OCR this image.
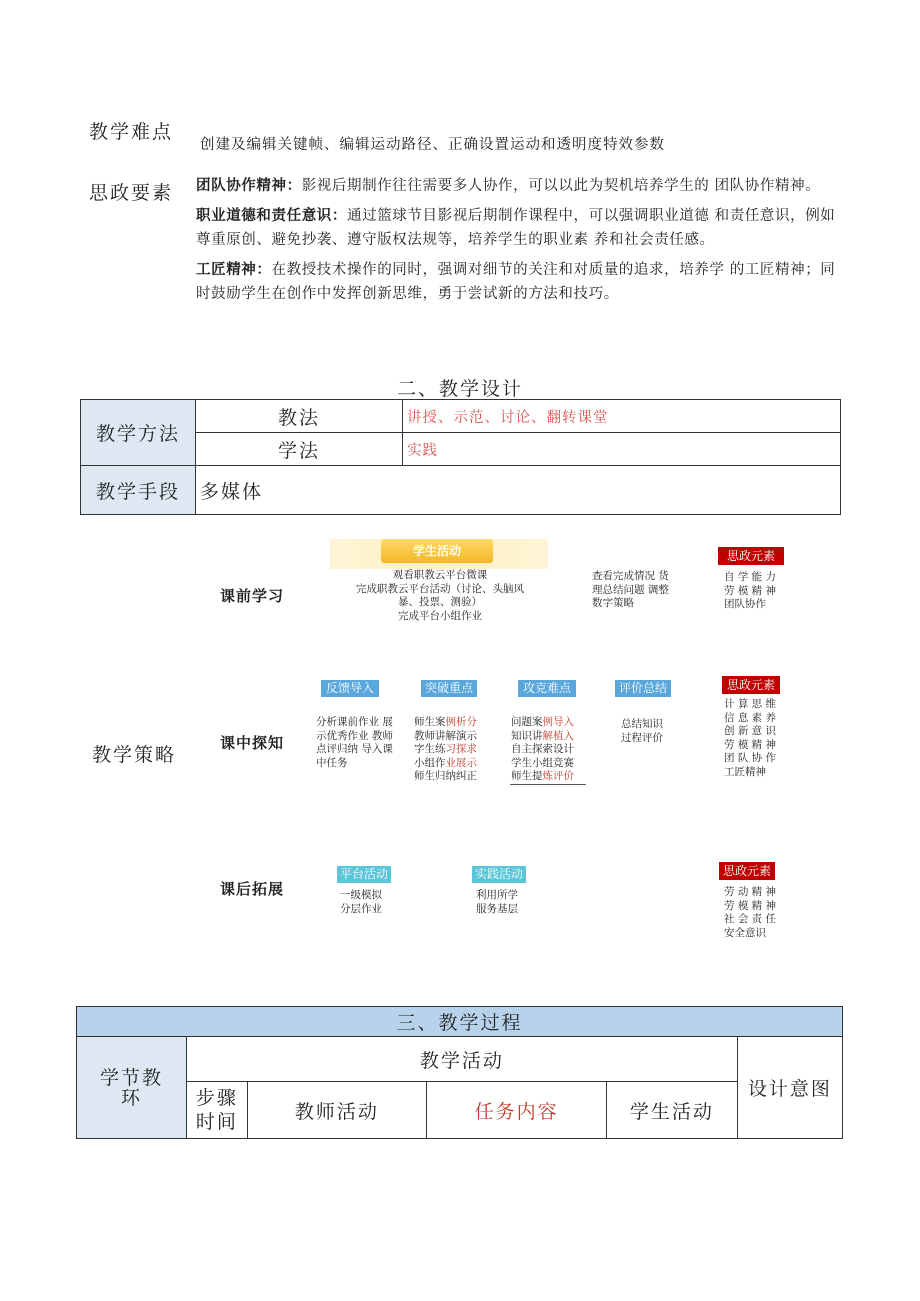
教学难点
创建及编辑关键帧、编辑运动路径、正确设置运动和透明度特效参数
思政要素 团队协作精神：影视后期制作往往需要多人协作，可以以此为契机培养学生的 团队协作精神。

职业道德和责任意识：通过篮球节目影视后期制作课程中，可以强调职业道德 和责任意识，例如尊重原创、避免抄袭、遵守版权法规等，培养学生的职业素 养和社会责任感。

工匠精神：在教授技术操作的同时，强调对细节的关注和对质量的追求，培养学 的工匠精神；同时鼓励学生在创作中发挥创新思维，勇于尝试新的方法和技巧。

二、教学设计
教学方法	教法	讲授、示范、讨论、翻转课堂
	学法	实践
教学手段	多媒体	
教学策略
课前学习
学生活动
观看职教云平台微课
完成职教云平台活动（讨论、头脑风
暴、投票、测验）
完成平台小组作业
查看完成情况 货
理总结问题 调整
数字策略
思政元素
自 学 能 力
劳 模 精 神
团队协作
课中探知
反馈导入
分析课前作业 展
示优秀作业 教师
点评归纳 导入课
中任务
突破重点
师生案例析分
教师讲解演示
字生练习探求
小组作业展示
师生归纳纠正
攻克难点
问题案例导入
知识讲解植入
自主探索设计
学生小组竞赛
师生提炼评价
评价总结
总结知识
过程评价
思政元素
计 算 思 维
信 息 素 养
创 新 意 识
劳 模 精 神
团 队 协 作
工匠精神
课后拓展
平台活动
一级模拟
分层作业
实践活动
利用所学
服务基层
思政元素
劳 动 精 神
劳 模 精 神
社 会 责 任
安全意识
三、教学过程					
学节教环	教学活动				设计意图
	步骤时间	教师活动	任务内容	学生活动	
